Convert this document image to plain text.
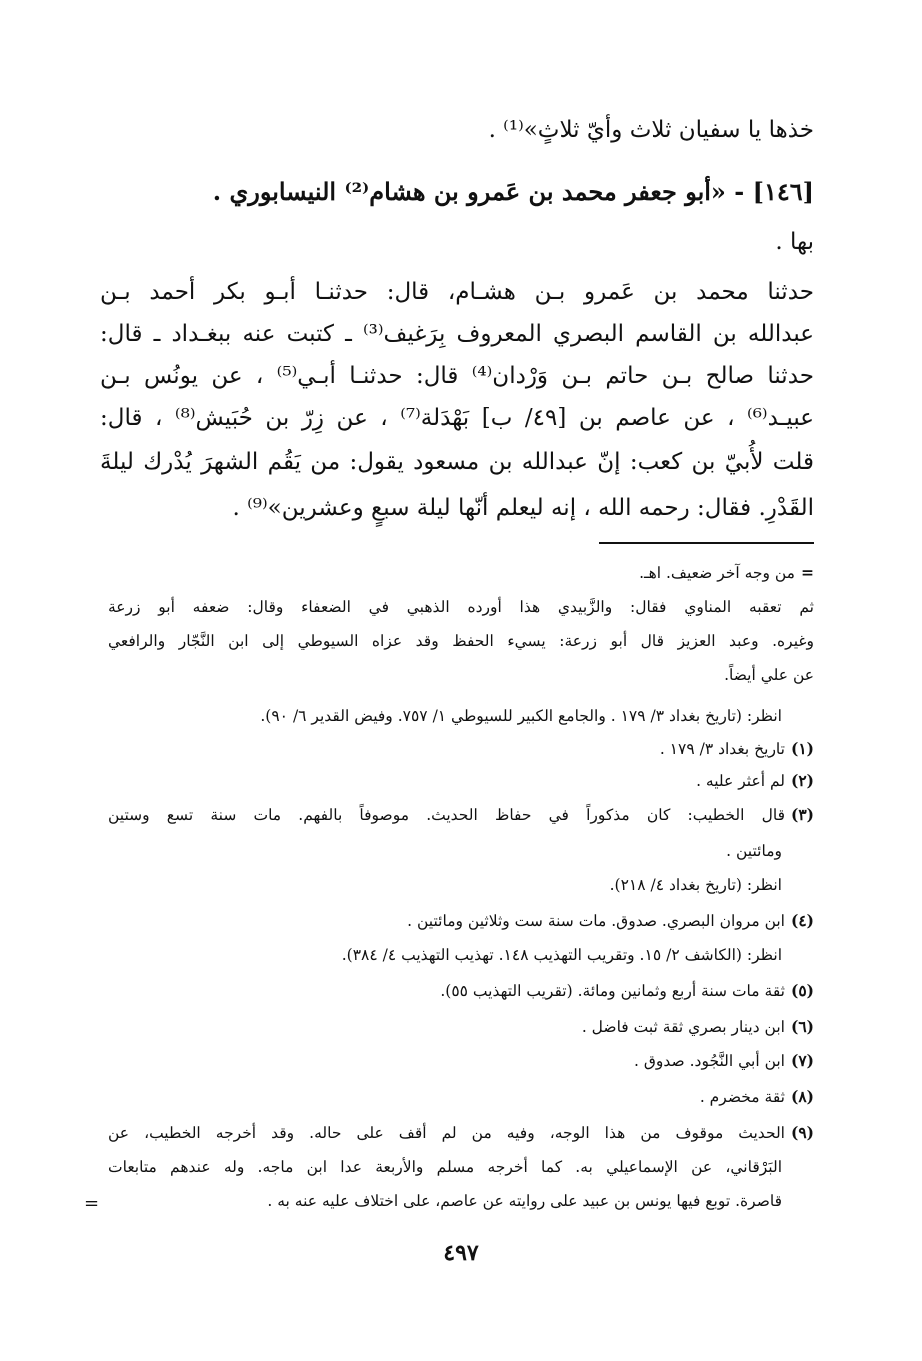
خذها يا سفيان ثلاث وأيّ ثلاثٍ»⁽¹⁾ .
[١٤٦] - «أبو جعفر محمد بن عَمرو بن هشام⁽²⁾ النيسابوري .
بها .
حدثنا محمد بن عَمرو بـن هشـام، قال: حدثنـا أبـو بكر أحمد بـن
عبدالله بن القاسم البصري المعروف بِرَغيف⁽³⁾ ـ كتبت عنه ببغـداد ـ قال:
حدثنا صالح بـن حاتم بـن وَرْدان⁽⁴⁾ قال: حدثنـا أبـي⁽⁵⁾ ، عن يونُس بـن
عبيـد⁽⁶⁾ ، عن عاصم بن [٤٩/ ب] بَهْدَلة⁽⁷⁾ ، عن زِرّ بن حُبَيش⁽⁸⁾ ، قال:
قلت لأُبيّ بن كعب: إنّ عبدالله بن مسعود يقول: من يَقُم الشهرَ يُدْرك ليلةَ
القَدْرِ. فقال: رحمه الله ، إنه ليعلم أنّها ليلة سبعٍ وعشرين»⁽⁹⁾ .
=من وجه آخر ضعيف. اهـ.
ثم تعقبه المناوي فقال: والزَّبيدي هذا أورده الذهبي في الضعفاء وقال: ضعفه أبو زرعة
وغيره. وعبد العزيز قال أبو زرعة: يسيء الحفظ وقد عزاه السيوطي إلى ابن النَّجّار والرافعي
عن علي أيضاً.
انظر: (تاريخ بغداد ٣/ ١٧٩ . والجامع الكبير للسيوطي ١/ ٧٥٧. وفيض القدير ٦/ ٩٠).
(١)تاريخ بغداد ٣/ ١٧٩ .
(٢)لم أعثر عليه .
(٣)قال الخطيب: كان مذكوراً في حفاظ الحديث. موصوفاً بالفهم. مات سنة تسع وستين
ومائتين .
انظر: (تاريخ بغداد ٤/ ٢١٨).
(٤)ابن مروان البصري. صدوق. مات سنة ست وثلاثين ومائتين .
انظر: (الكاشف ٢/ ١٥. وتقريب التهذيب ١٤٨. تهذيب التهذيب ٤/ ٣٨٤).
(٥)ثقة مات سنة أربع وثمانين ومائة. (تقريب التهذيب ٥٥).
(٦)ابن دينار بصري ثقة ثبت فاضل .
(٧)ابن أبي النَّجُود. صدوق .
(٨)ثقة مخضرم .
(٩)الحديث موقوف من هذا الوجه، وفيه من لم أقف على حاله. وقد أخرجه الخطيب، عن
البَرْقاني، عن الإسماعيلي به. كما أخرجه مسلم والأربعة عدا ابن ماجه. وله عندهم متابعات
قاصرة. توبع فيها يونس بن عبيد على روايته عن عاصم، على اختلاف عليه عنه به .
=
٤٩٧
